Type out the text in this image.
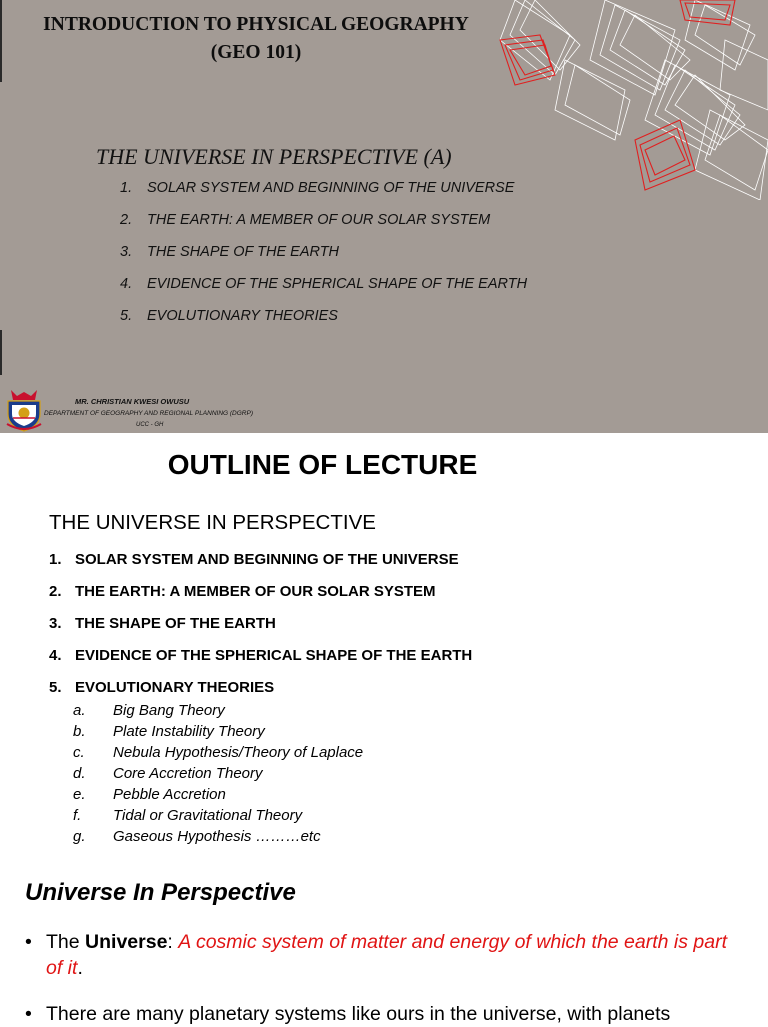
INTRODUCTION TO PHYSICAL GEOGRAPHY
(GEO 101)
THE UNIVERSE IN PERSPECTIVE (A)
1. SOLAR SYSTEM AND BEGINNING OF THE UNIVERSE
2. THE EARTH: A MEMBER OF OUR SOLAR SYSTEM
3. THE SHAPE OF THE EARTH
4. EVIDENCE OF THE SPHERICAL SHAPE OF THE EARTH
5. EVOLUTIONARY THEORIES
MR. CHRISTIAN KWESI OWUSU
DEPARTMENT OF GEOGRAPHY AND REGIONAL PLANNING (DGRP)
UCC - GH
OUTLINE OF LECTURE
THE UNIVERSE IN PERSPECTIVE
1. SOLAR SYSTEM AND BEGINNING OF THE UNIVERSE
2. THE EARTH: A MEMBER OF OUR SOLAR SYSTEM
3. THE SHAPE OF THE EARTH
4. EVIDENCE OF THE SPHERICAL SHAPE OF THE EARTH
5. EVOLUTIONARY THEORIES
a. Big Bang Theory
b. Plate Instability Theory
c. Nebula Hypothesis/Theory of Laplace
d. Core Accretion Theory
e. Pebble Accretion
f. Tidal or Gravitational Theory
g. Gaseous Hypothesis ………etc
Universe In Perspective
• The Universe: A cosmic system of matter and energy of which the earth is part of it.
• There are many planetary systems like ours in the universe, with planets
